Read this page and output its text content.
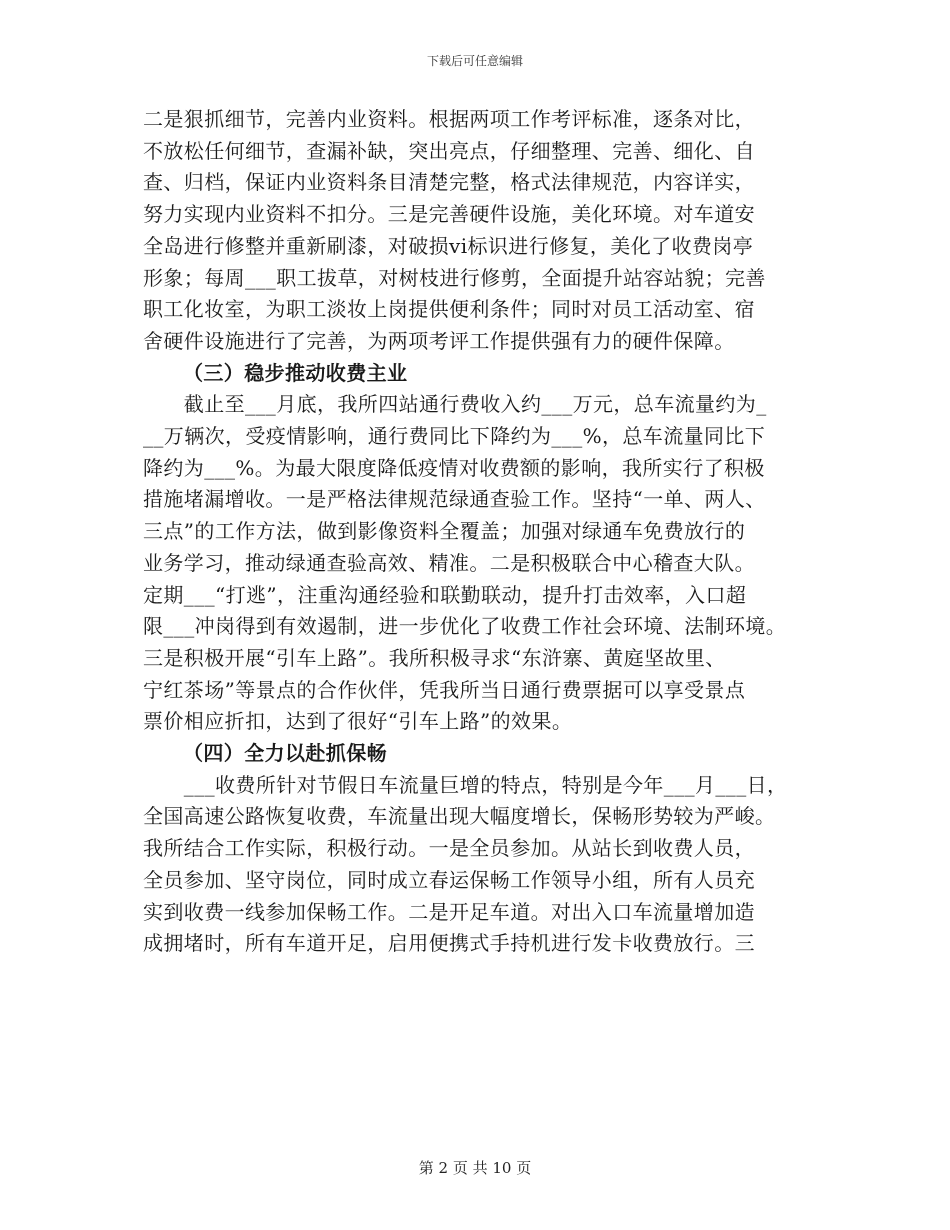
下载后可任意编辑
二是狠抓细节，完善内业资料。根据两项工作考评标准，逐条对比，
不放松任何细节，查漏补缺，突出亮点，仔细整理、完善、细化、自
查、归档，保证内业资料条目清楚完整，格式法律规范，内容详实，
努力实现内业资料不扣分。三是完善硬件设施，美化环境。对车道安
全岛进行修整并重新刷漆，对破损vi标识进行修复，美化了收费岗亭
形象；每周___职工拔草，对树枝进行修剪，全面提升站容站貌；完善
职工化妆室，为职工淡妆上岗提供便利条件；同时对员工活动室、宿
舍硬件设施进行了完善，为两项考评工作提供强有力的硬件保障。
（三）稳步推动收费主业
　　截止至___月底，我所四站通行费收入约___万元，总车流量约为_
__万辆次，受疫情影响，通行费同比下降约为___%，总车流量同比下
降约为___%。为最大限度降低疫情对收费额的影响，我所实行了积极
措施堵漏增收。一是严格法律规范绿通查验工作。坚持“一单、两人、
三点”的工作方法，做到影像资料全覆盖；加强对绿通车免费放行的
业务学习，推动绿通查验高效、精准。二是积极联合中心稽查大队。
定期___“打逃”，注重沟通经验和联勤联动，提升打击效率，入口超
限___冲岗得到有效遏制，进一步优化了收费工作社会环境、法制环境。
三是积极开展“引车上路”。我所积极寻求“东浒寨、黄庭坚故里、
宁红茶场”等景点的合作伙伴，凭我所当日通行费票据可以享受景点
票价相应折扣，达到了很好“引车上路”的效果。
（四）全力以赴抓保畅
　　___收费所针对节假日车流量巨增的特点，特别是今年___月___日，
全国高速公路恢复收费，车流量出现大幅度增长，保畅形势较为严峻。
我所结合工作实际，积极行动。一是全员参加。从站长到收费人员，
全员参加、坚守岗位，同时成立春运保畅工作领导小组，所有人员充
实到收费一线参加保畅工作。二是开足车道。对出入口车流量增加造
成拥堵时，所有车道开足，启用便携式手持机进行发卡收费放行。三
第 2 页 共 10 页
